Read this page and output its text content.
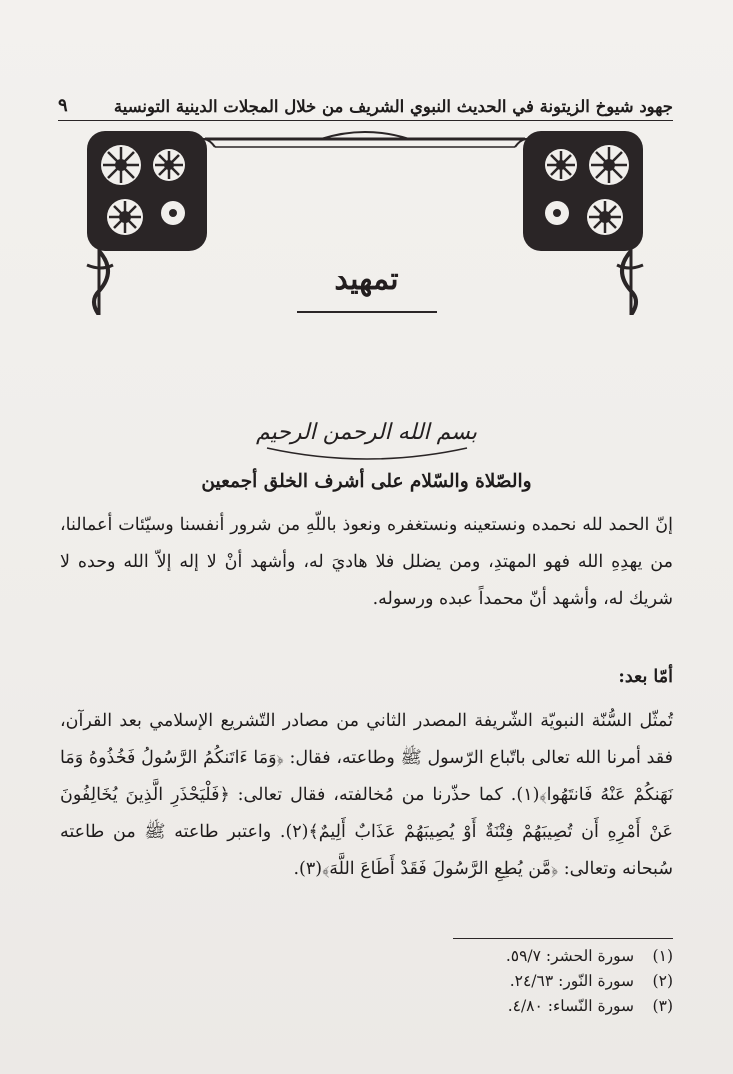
جهود شيوخ الزيتونة في الحديث النبوي الشريف من خلال المجلات الدينية التونسية
٩
تمهيد
بسم الله الرحمن الرحيم
والصّلاة والسّلام على أشرف الخلق أجمعين

إنّ الحمد لله نحمده ونستعينه ونستغفره ونعوذ باللّهِ من شرور أنفسنا وسيّئات أعمالنا، من يهدِهِ الله فهو المهتدِ، ومن يضلل فلا هاديَ له، وأشهد أنْ لا إله إلاّ الله وحده لا شريك له، وأشهد أنّ محمداً عبده ورسوله.

أمّا بعد:

تُمثّل السُّنّة النبويّة الشّريفة المصدر الثاني من مصادر التّشريع الإسلامي بعد القرآن، فقد أمرنا الله تعالى باتّباع الرّسول ﷺ وطاعته، فقال: ﴿وَمَا ءَاتَنكُمُ الرَّسُولُ فَخُذُوهُ وَمَا نَهَنكُمْ عَنْهُ فَانتَهُوا﴾(١). كما حذّرنا من مُخالفته، فقال تعالى: ﴿فَلْيَحْذَرِ الَّذِينَ يُخَالِفُونَ عَنْ أَمْرِهِ أَن تُصِيبَهُمْ فِتْنَةٌ أَوْ يُصِيبَهُمْ عَذَابٌ أَلِيمٌ﴾(٢). واعتبر طاعته ﷺ من طاعته سُبحانه وتعالى: ﴿مَّن يُطِعِ الرَّسُولَ فَقَدْ أَطَاعَ اللَّهَ﴾(٣).

(١) سورة الحشر: ٥٩/٧.
(٢) سورة النّور: ٢٤/٦٣.
(٣) سورة النّساء: ٤/٨٠.
